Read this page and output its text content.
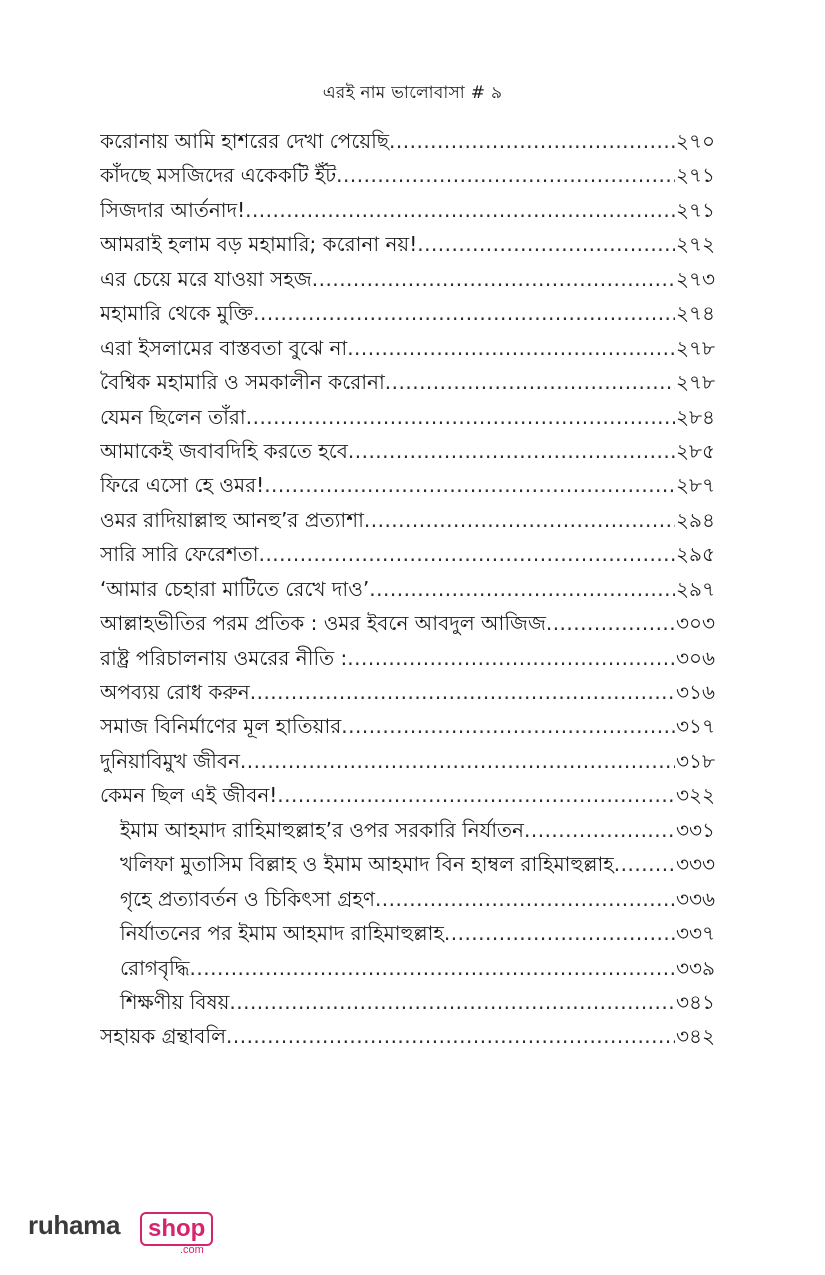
এরই নাম ভালোবাসা # ৯
করোনায় আমি হাশরের দেখা পেয়েছি .....	২৭০
কাঁদছে মসজিদের একেকটি ইঁট .....	২৭১
সিজদার আর্তনাদ! .....	২৭১
আমরাই হলাম বড় মহামারি; করোনা নয়! .....	২৭২
এর চেয়ে মরে যাওয়া সহজ .....	২৭৩
মহামারি থেকে মুক্তি .....	২৭৪
এরা ইসলামের বাস্তবতা বুঝে না .....	২৭৮
বৈশ্বিক মহামারি ও সমকালীন করোনা .....	২৭৮
যেমন ছিলেন তাঁরা .....	২৮৪
আমাকেই জবাবদিহি করতে হবে .....	২৮৫
ফিরে এসো হে ওমর! .....	২৮৭
ওমর রাদিয়াল্লাহু আনহু’র প্রত্যাশা .....	২৯৪
সারি সারি ফেরেশতা .....	২৯৫
‘আমার চেহারা মাটিতে রেখে দাও’ .....	২৯৭
আল্লাহভীতির পরম প্রতিক : ওমর ইবনে আবদুল আজিজ .....	৩০৩
রাষ্ট্র পরিচালনায় ওমরের নীতি : .....	৩০৬
অপব্যয় রোধ করুন .....	৩১৬
সমাজ বিনির্মাণের মূল হাতিয়ার .....	৩১৭
দুনিয়াবিমুখ জীবন .....	৩১৮
কেমন ছিল এই জীবন! .....	৩২২
ইমাম আহমাদ রাহিমাহুল্লাহ’র ওপর সরকারি নির্যাতন .....	৩৩১
খলিফা মুতাসিম বিল্লাহ ও ইমাম আহমাদ বিন হাম্বল রাহিমাহুল্লাহ .....	৩৩৩
গৃহে প্রত্যাবর্তন ও চিকিৎসা গ্রহণ .....	৩৩৬
নির্যাতনের পর ইমাম আহমাদ রাহিমাহুল্লাহ .....	৩৩৭
রোগবৃদ্ধি .....	৩৩৯
শিক্ষণীয় বিষয় .....	৩৪১
সহায়ক গ্রন্থাবলি .....	৩৪২
ruhama shop
.com
